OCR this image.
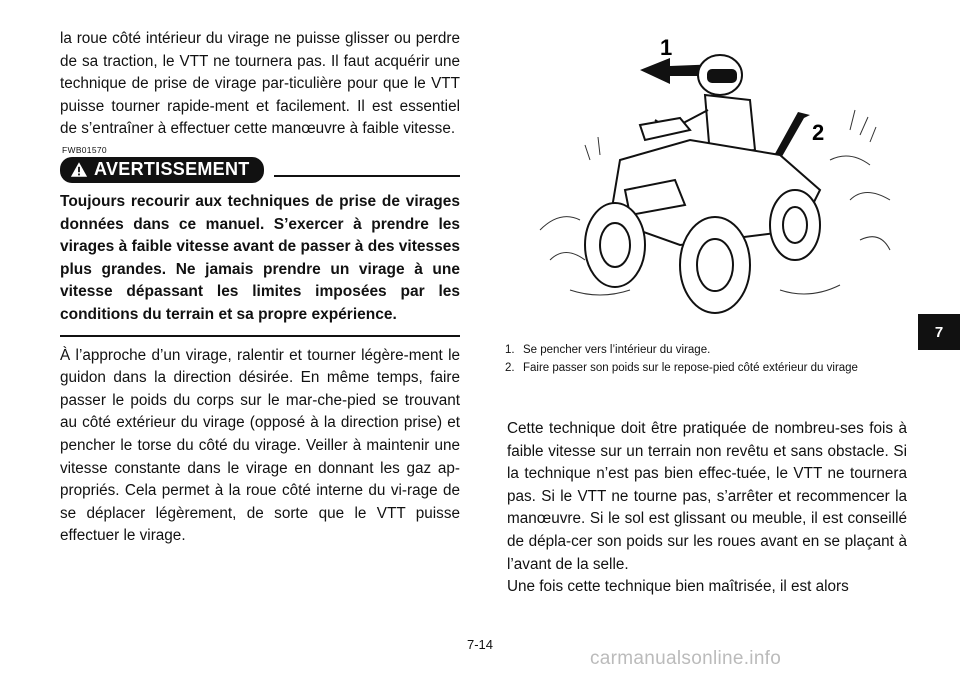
la roue côté intérieur du virage ne puisse glisser ou perdre de sa traction, le VTT ne tournera pas. Il faut acquérir une technique de prise de virage par-ticulière pour que le VTT puisse tourner rapide-ment et facilement. Il est essentiel de s’entraîner à effectuer cette manœuvre à faible vitesse.

FWB01570
AVERTISSEMENT

Toujours recourir aux techniques de prise de virages données dans ce manuel. S’exercer à prendre les virages à faible vitesse avant de passer à des vitesses plus grandes. Ne jamais prendre un virage à une vitesse dépassant les limites imposées par les conditions du terrain et sa propre expérience.

À l’approche d’un virage, ralentir et tourner légère-ment le guidon dans la direction désirée. En même temps, faire passer le poids du corps sur le mar-che-pied se trouvant au côté extérieur du virage (opposé à la direction prise) et pencher le torse du côté du virage. Veiller à maintenir une vitesse constante dans le virage en donnant les gaz ap-propriés. Cela permet à la roue côté interne du vi-rage de se déplacer légèrement, de sorte que le VTT puisse effectuer le virage.

1
2
1. Se pencher vers l’intérieur du virage.
2. Faire passer son poids sur le repose-pied côté extérieur du virage

Cette technique doit être pratiquée de nombreu-ses fois à faible vitesse sur un terrain non revêtu et sans obstacle. Si la technique n’est pas bien effec-tuée, le VTT ne tournera pas. Si le VTT ne tourne pas, s’arrêter et recommencer la manœuvre. Si le sol est glissant ou meuble, il est conseillé de dépla-cer son poids sur les roues avant en se plaçant à l’avant de la selle.

Une fois cette technique bien maîtrisée, il est alors

7-14
7
carmanualsonline.info
